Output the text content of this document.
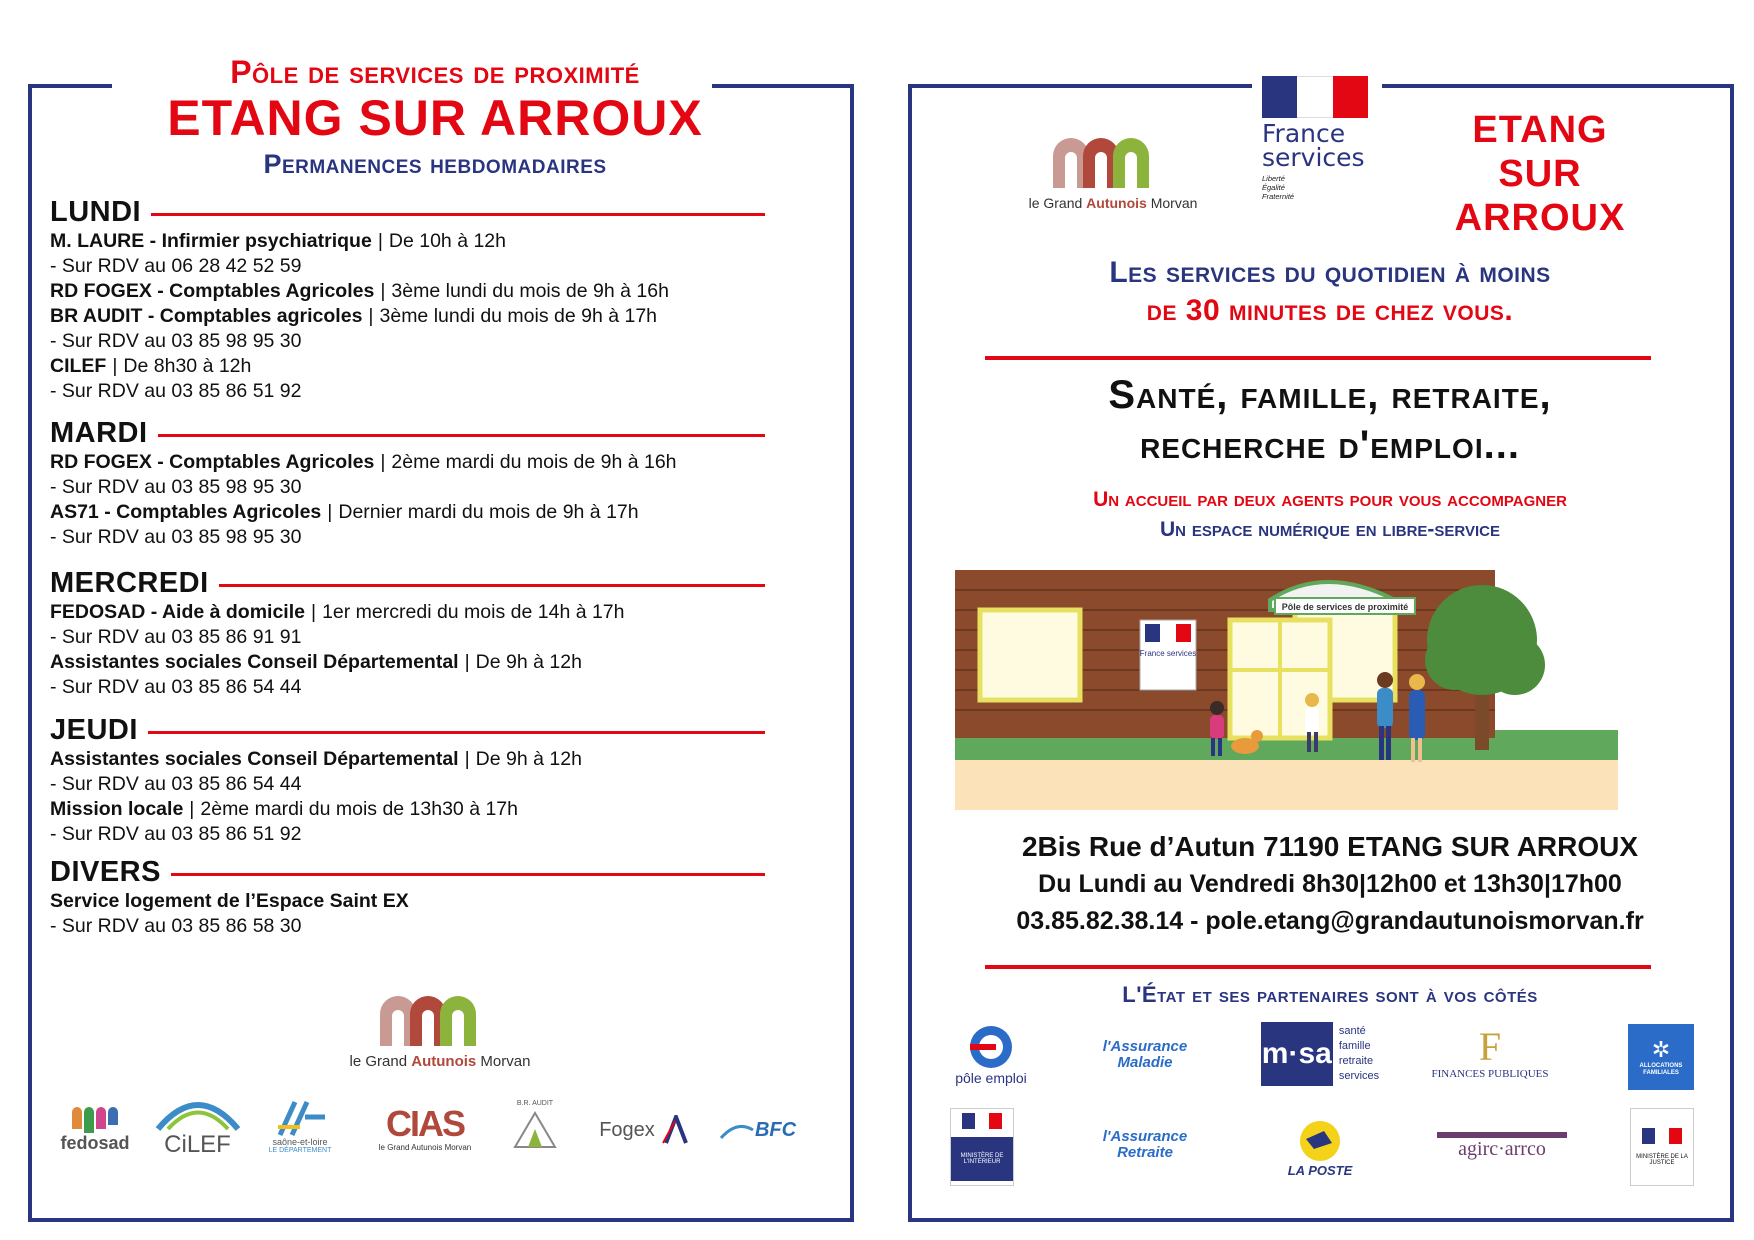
Pôle de services de proximité
ETANG SUR ARROUX
Permanences hebdomadaires
LUNDI
M. LAURE - Infirmier psychiatrique | De 10h à 12h
- Sur RDV au 06 28 42 52 59
RD FOGEX - Comptables Agricoles | 3ème lundi du mois de 9h à 16h
BR AUDIT - Comptables agricoles | 3ème lundi du mois de 9h à 17h
- Sur RDV au 03 85 98 95 30
CILEF | De 8h30 à 12h
- Sur RDV au 03 85 86 51 92
MARDI
RD FOGEX - Comptables Agricoles | 2ème mardi du mois de 9h à 16h
- Sur RDV au 03 85 98 95 30
AS71 - Comptables Agricoles | Dernier mardi du mois de 9h à 17h
- Sur RDV au 03 85 98 95 30
MERCREDI
FEDOSAD - Aide à domicile | 1er mercredi du mois de 14h à 17h
- Sur RDV au 03 85 86 91 91
Assistantes sociales Conseil Départemental | De 9h à 12h
- Sur RDV au 03 85 86 54 44
JEUDI
Assistantes sociales Conseil Départemental | De 9h à 12h
- Sur RDV au 03 85 86 54 44
Mission locale | 2ème mardi du mois de 13h30 à 17h
- Sur RDV au 03 85 86 51 92
DIVERS
Service logement de l’Espace Saint EX
- Sur RDV au 03 85 86 58 30
le Grand Autunois Morvan
fedosad CiLEF	saône-et-loire
LE DÉPARTEMENT
CIAS
le Grand Autunois Morvan
B.R. AUDIT
Fogex	BFC
le Grand Autunois Morvan
France
services
Liberté
Égalité
Fraternité
ETANG
SUR
ARROUX
Les services du quotidien à moins
de 30 minutes de chez vous.
Santé, famille, retraite,
recherche d'emploi...
Un accueil par deux agents pour vous accompagner
Un espace numérique en libre-service
Pôle de services de proximité
France services
2Bis Rue d’Autun 71190 ETANG SUR ARROUX
Du Lundi au Vendredi 8h30|12h00 et 13h30|17h00
03.85.82.38.14 - pole.etang@grandautunoismorvan.fr
L'État et ses partenaires sont à vos côtés
pôle emploi
l'Assurance Maladie	m·sa
santé
famille
retraite
services
F
FINANCES PUBLIQUES
✲
ALLOCATIONS FAMILIALES
MINISTÈRE DE L'INTÉRIEUR
l'Assurance Retraite
LA POSTE
agirc·arrco	MINISTÈRE DE LA JUSTICE
